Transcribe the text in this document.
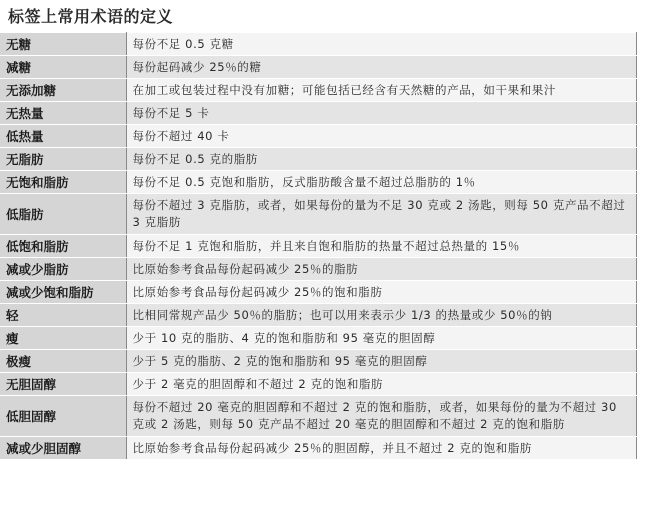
标签上常用术语的定义
无糖	每份不足 0.5 克糖
减糖	每份起码减少 25％的糖
无添加糖	在加工或包装过程中没有加糖；可能包括已经含有天然糖的产品，如干果和果汁
无热量	每份不足 5 卡
低热量	每份不超过 40 卡
无脂肪	每份不足 0.5 克的脂肪
无饱和脂肪	每份不足 0.5 克饱和脂肪，反式脂肪酸含量不超过总脂肪的 1％
低脂肪	每份不超过 3 克脂肪，或者，如果每份的量为不足 30 克或 2 汤匙，则每 50 克产品不超过 3 克脂肪
低饱和脂肪	每份不足 1 克饱和脂肪，并且来自饱和脂肪的热量不超过总热量的 15％
减或少脂肪	比原始参考食品每份起码减少 25％的脂肪
减或少饱和脂肪	比原始参考食品每份起码减少 25％的饱和脂肪
轻	比相同常规产品少 50％的脂肪；也可以用来表示少 1/3 的热量或少 50％的钠
瘦	少于 10 克的脂肪、4 克的饱和脂肪和 95 毫克的胆固醇
极瘦	少于 5 克的脂肪、2 克的饱和脂肪和 95 毫克的胆固醇
无胆固醇	少于 2 毫克的胆固醇和不超过 2 克的饱和脂肪
低胆固醇	每份不超过 20 毫克的胆固醇和不超过 2 克的饱和脂肪，或者，如果每份的量为不超过 30 克或 2 汤匙，则每 50 克产品不超过 20 毫克的胆固醇和不超过 2 克的饱和脂肪
减或少胆固醇	比原始参考食品每份起码减少 25％的胆固醇，并且不超过 2 克的饱和脂肪
